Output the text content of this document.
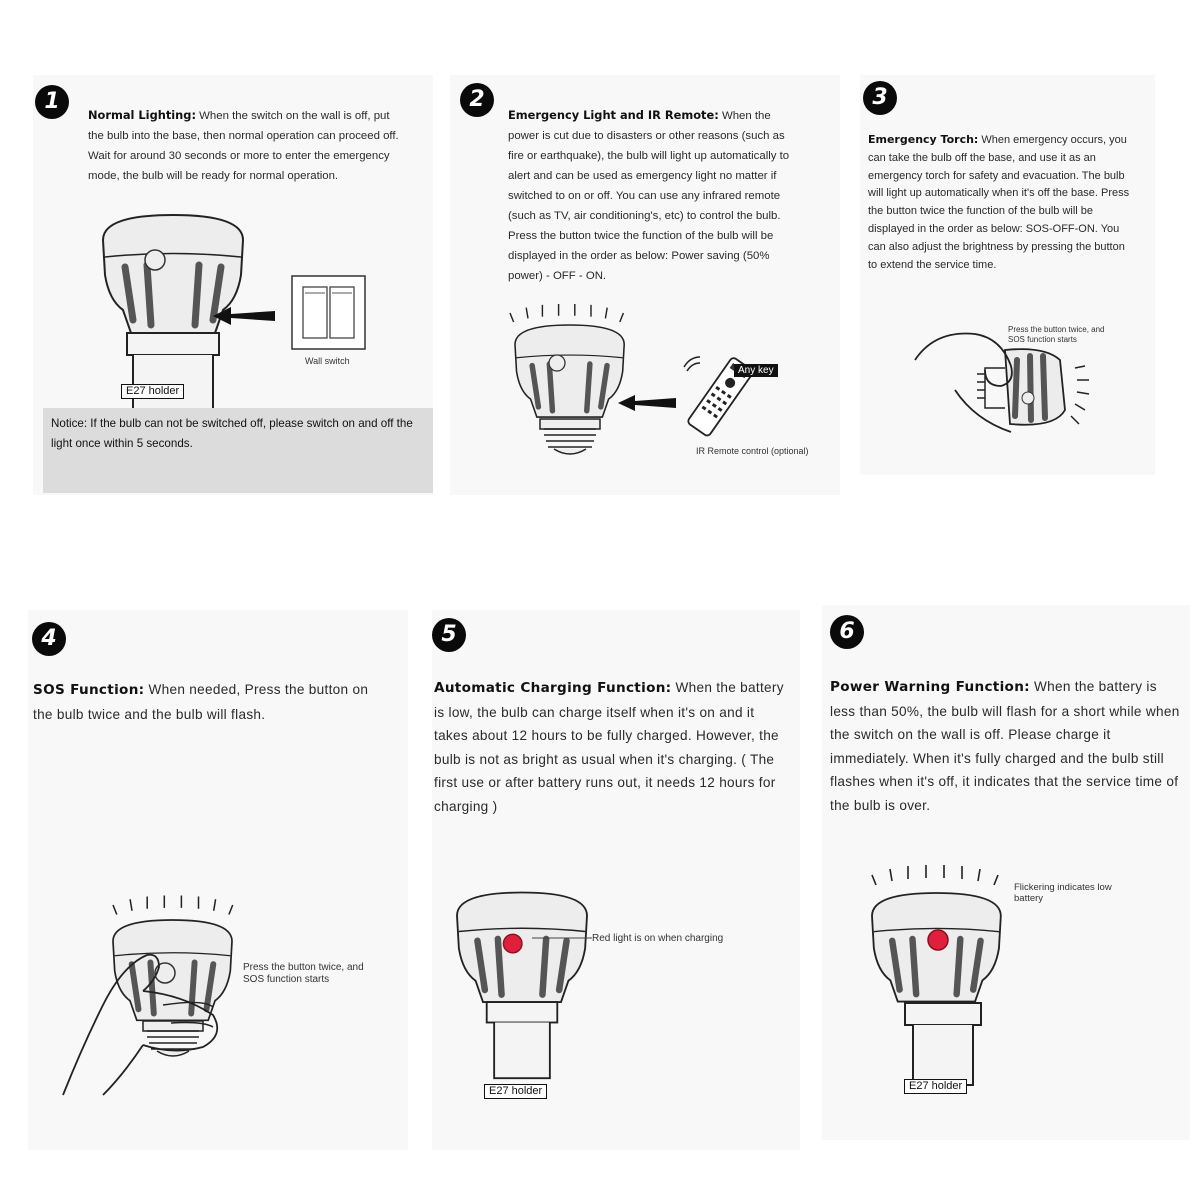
1
Normal Lighting: When the switch on the wall is off, put the bulb into the base, then normal operation can proceed off. Wait for around 30 seconds or more to enter the emergency mode, the bulb will be ready for normal operation.
E27 holder
Wall switch
Notice: If the bulb can not be switched off, please switch on and off the light once within 5 seconds.
2
Emergency Light and IR Remote: When the power is cut due to disasters or other reasons (such as fire or earthquake), the bulb will light up automatically to alert and can be used as emergency light no matter if switched to on or off. You can use any infrared remote (such as TV, air conditioning's, etc) to control the bulb. Press the button twice the function of the bulb will be displayed in the order as below: Power saving (50% power) - OFF - ON.
Any key
IR Remote control (optional)
3
Emergency Torch: When emergency occurs, you can take the bulb off the base, and use it as an emergency torch for safety and evacuation. The bulb will light up automatically when it's off the base. Press the button twice the function of the bulb will be displayed in the order as below: SOS-OFF-ON. You can also adjust the brightness by pressing the button to extend the service time.
Press the button twice, and SOS function starts
4
SOS Function: When needed, Press the button on the bulb twice and the bulb will flash.
Press the button twice, and SOS function starts
5
Automatic Charging Function: When the battery is low, the bulb can charge itself when it's on and it takes about 12 hours to be fully charged. However, the bulb is not as bright as usual when it's charging. ( The first use or after battery runs out, it needs 12 hours for charging )
Red light is on when charging
E27 holder
6
Power Warning Function: When the battery is less than 50%, the bulb will flash for a short while when the switch on the wall is off. Please charge it immediately. When it's fully charged and the bulb still flashes when it's off, it indicates that the service time of the bulb is over.
Flickering indicates low battery
E27 holder
